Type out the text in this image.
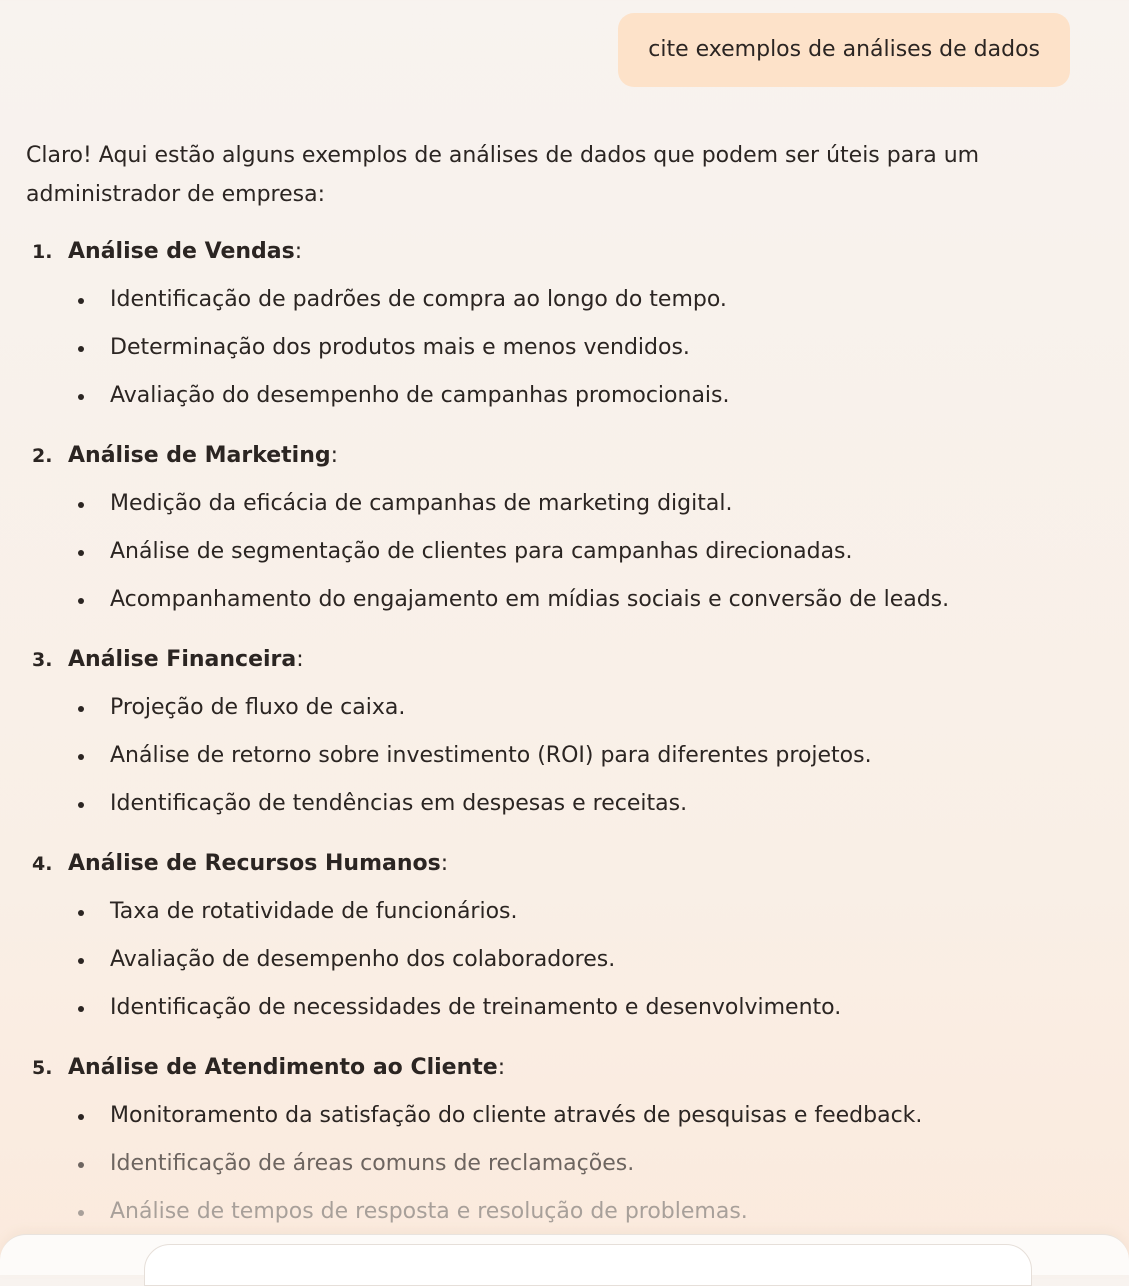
cite exemplos de análises de dados

Claro! Aqui estão alguns exemplos de análises de dados que podem ser úteis para um administrador de empresa:

1. Análise de Vendas:
Identificação de padrões de compra ao longo do tempo.
Determinação dos produtos mais e menos vendidos.
Avaliação do desempenho de campanhas promocionais.
2. Análise de Marketing:
Medição da eficácia de campanhas de marketing digital.
Análise de segmentação de clientes para campanhas direcionadas.
Acompanhamento do engajamento em mídias sociais e conversão de leads.
3. Análise Financeira:
Projeção de fluxo de caixa.
Análise de retorno sobre investimento (ROI) para diferentes projetos.
Identificação de tendências em despesas e receitas.
4. Análise de Recursos Humanos:
Taxa de rotatividade de funcionários.
Avaliação de desempenho dos colaboradores.
Identificação de necessidades de treinamento e desenvolvimento.
5. Análise de Atendimento ao Cliente:
Monitoramento da satisfação do cliente através de pesquisas e feedback.
Identificação de áreas comuns de reclamações.
Análise de tempos de resposta e resolução de problemas.
